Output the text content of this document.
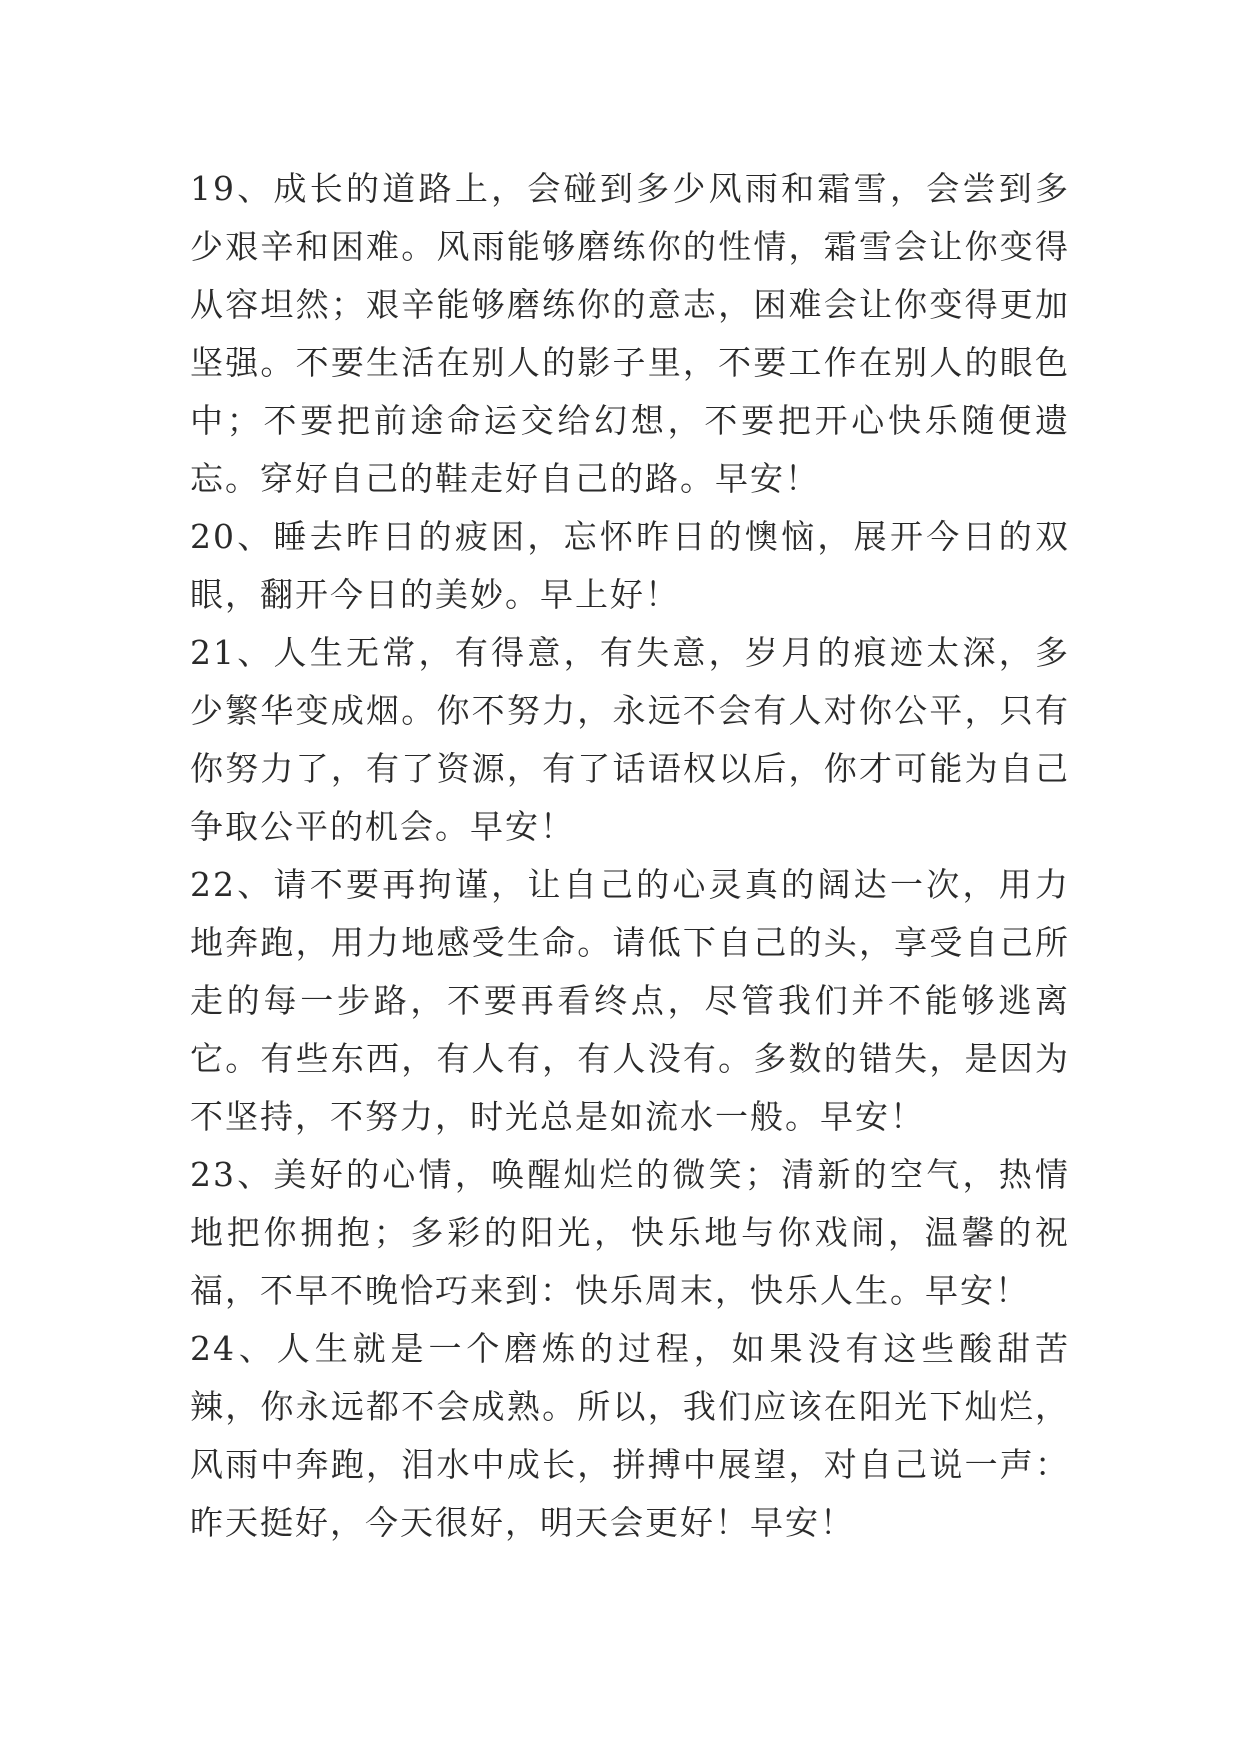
19、成长的道路上，会碰到多少风雨和霜雪，会尝到多少艰辛和困难。风雨能够磨练你的性情，霜雪会让你变得从容坦然；艰辛能够磨练你的意志，困难会让你变得更加坚强。不要生活在别人的影子里，不要工作在别人的眼色中；不要把前途命运交给幻想，不要把开心快乐随便遗忘。穿好自己的鞋走好自己的路。早安！

20、睡去昨日的疲困，忘怀昨日的懊恼，展开今日的双眼，翻开今日的美妙。早上好！

21、人生无常，有得意，有失意，岁月的痕迹太深，多少繁华变成烟。你不努力，永远不会有人对你公平，只有你努力了，有了资源，有了话语权以后，你才可能为自己争取公平的机会。早安！

22、请不要再拘谨，让自己的心灵真的阔达一次，用力地奔跑，用力地感受生命。请低下自己的头，享受自己所走的每一步路，不要再看终点，尽管我们并不能够逃离它。有些东西，有人有，有人没有。多数的错失，是因为不坚持，不努力，时光总是如流水一般。早安！

23、美好的心情，唤醒灿烂的微笑；清新的空气，热情地把你拥抱；多彩的阳光，快乐地与你戏闹，温馨的祝福，不早不晚恰巧来到：快乐周末，快乐人生。早安！

24、人生就是一个磨炼的过程，如果没有这些酸甜苦辣，你永远都不会成熟。所以，我们应该在阳光下灿烂，风雨中奔跑，泪水中成长，拼搏中展望，对自己说一声：昨天挺好，今天很好，明天会更好！早安！
